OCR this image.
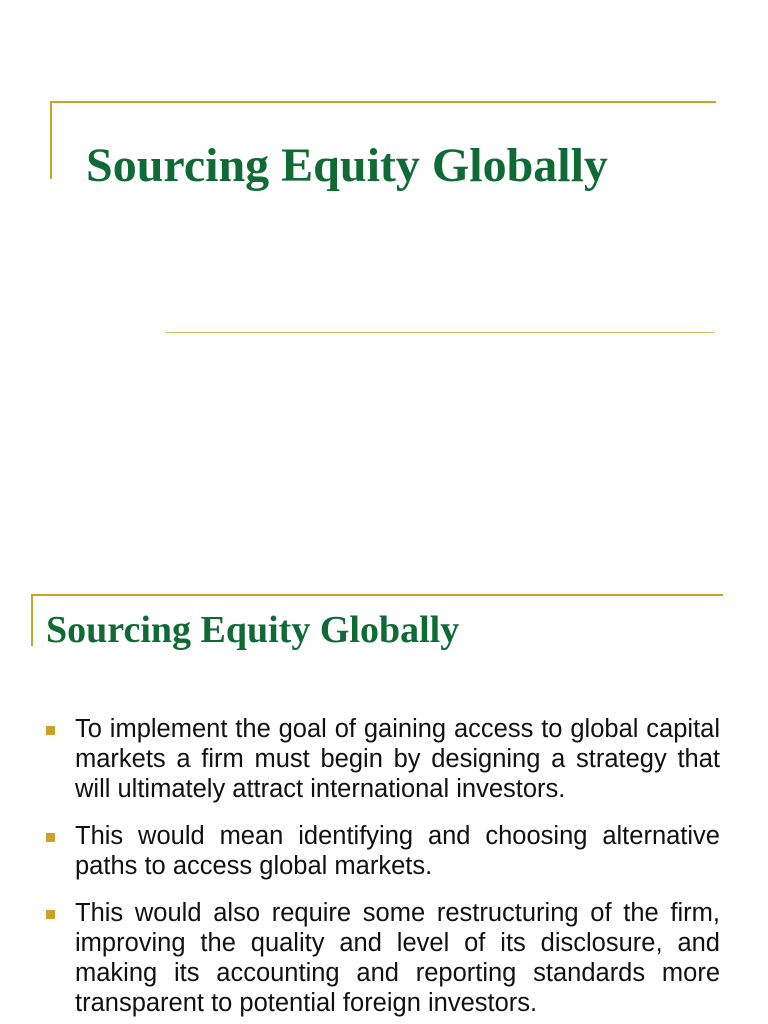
Sourcing Equity Globally
Sourcing Equity Globally
To implement the goal of gaining access to global capital markets a firm must begin by designing a strategy that will ultimately attract international investors.
This would mean identifying and choosing alternative paths to access global markets.
This would also require some restructuring of the firm, improving the quality and level of its disclosure, and making its accounting and reporting standards more transparent to potential foreign investors.
